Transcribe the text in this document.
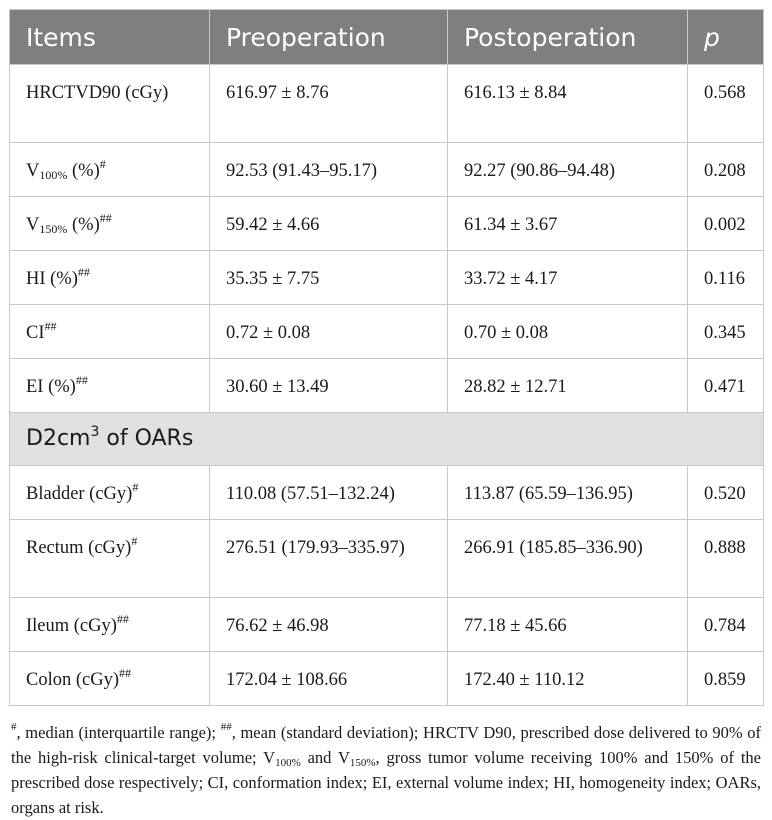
Items	Preoperation	Postoperation	p
HRCTVD90 (cGy)	616.97 ± 8.76	616.13 ± 8.84	0.568
$V_{100\%}$ (%)#	92.53 (91.43–95.17)	92.27 (90.86–94.48)	0.208
$V_{150\%}$ (%)##	59.42 ± 4.66	61.34 ± 3.67	0.002
HI (%)##	35.35 ± 7.75	33.72 ± 4.17	0.116
CI##	0.72 ± 0.08	0.70 ± 0.08	0.345
EI (%)##	30.60 ± 13.49	28.82 ± 12.71	0.471
$D2cm^3$ of OARs			
Bladder (cGy)#	110.08 (57.51–132.24)	113.87 (65.59–136.95)	0.520
Rectum (cGy)#	276.51 (179.93–335.97)	266.91 (185.85–336.90)	0.888
Ileum (cGy)##	76.62 ± 46.98	77.18 ± 45.66	0.784
Colon (cGy)##	172.04 ± 108.66	172.40 ± 110.12	0.859
#, median (interquartile range); ##, mean (standard deviation); HRCTV D90, prescribed dose delivered to 90% of the high-risk clinical-target volume; $V_{100\%}$ and $V_{150\%}$, gross tumor volume receiving 100% and 150% of the prescribed dose respectively; CI, conformation index; EI, external volume index; HI, homogeneity index; OARs, organs at risk.
